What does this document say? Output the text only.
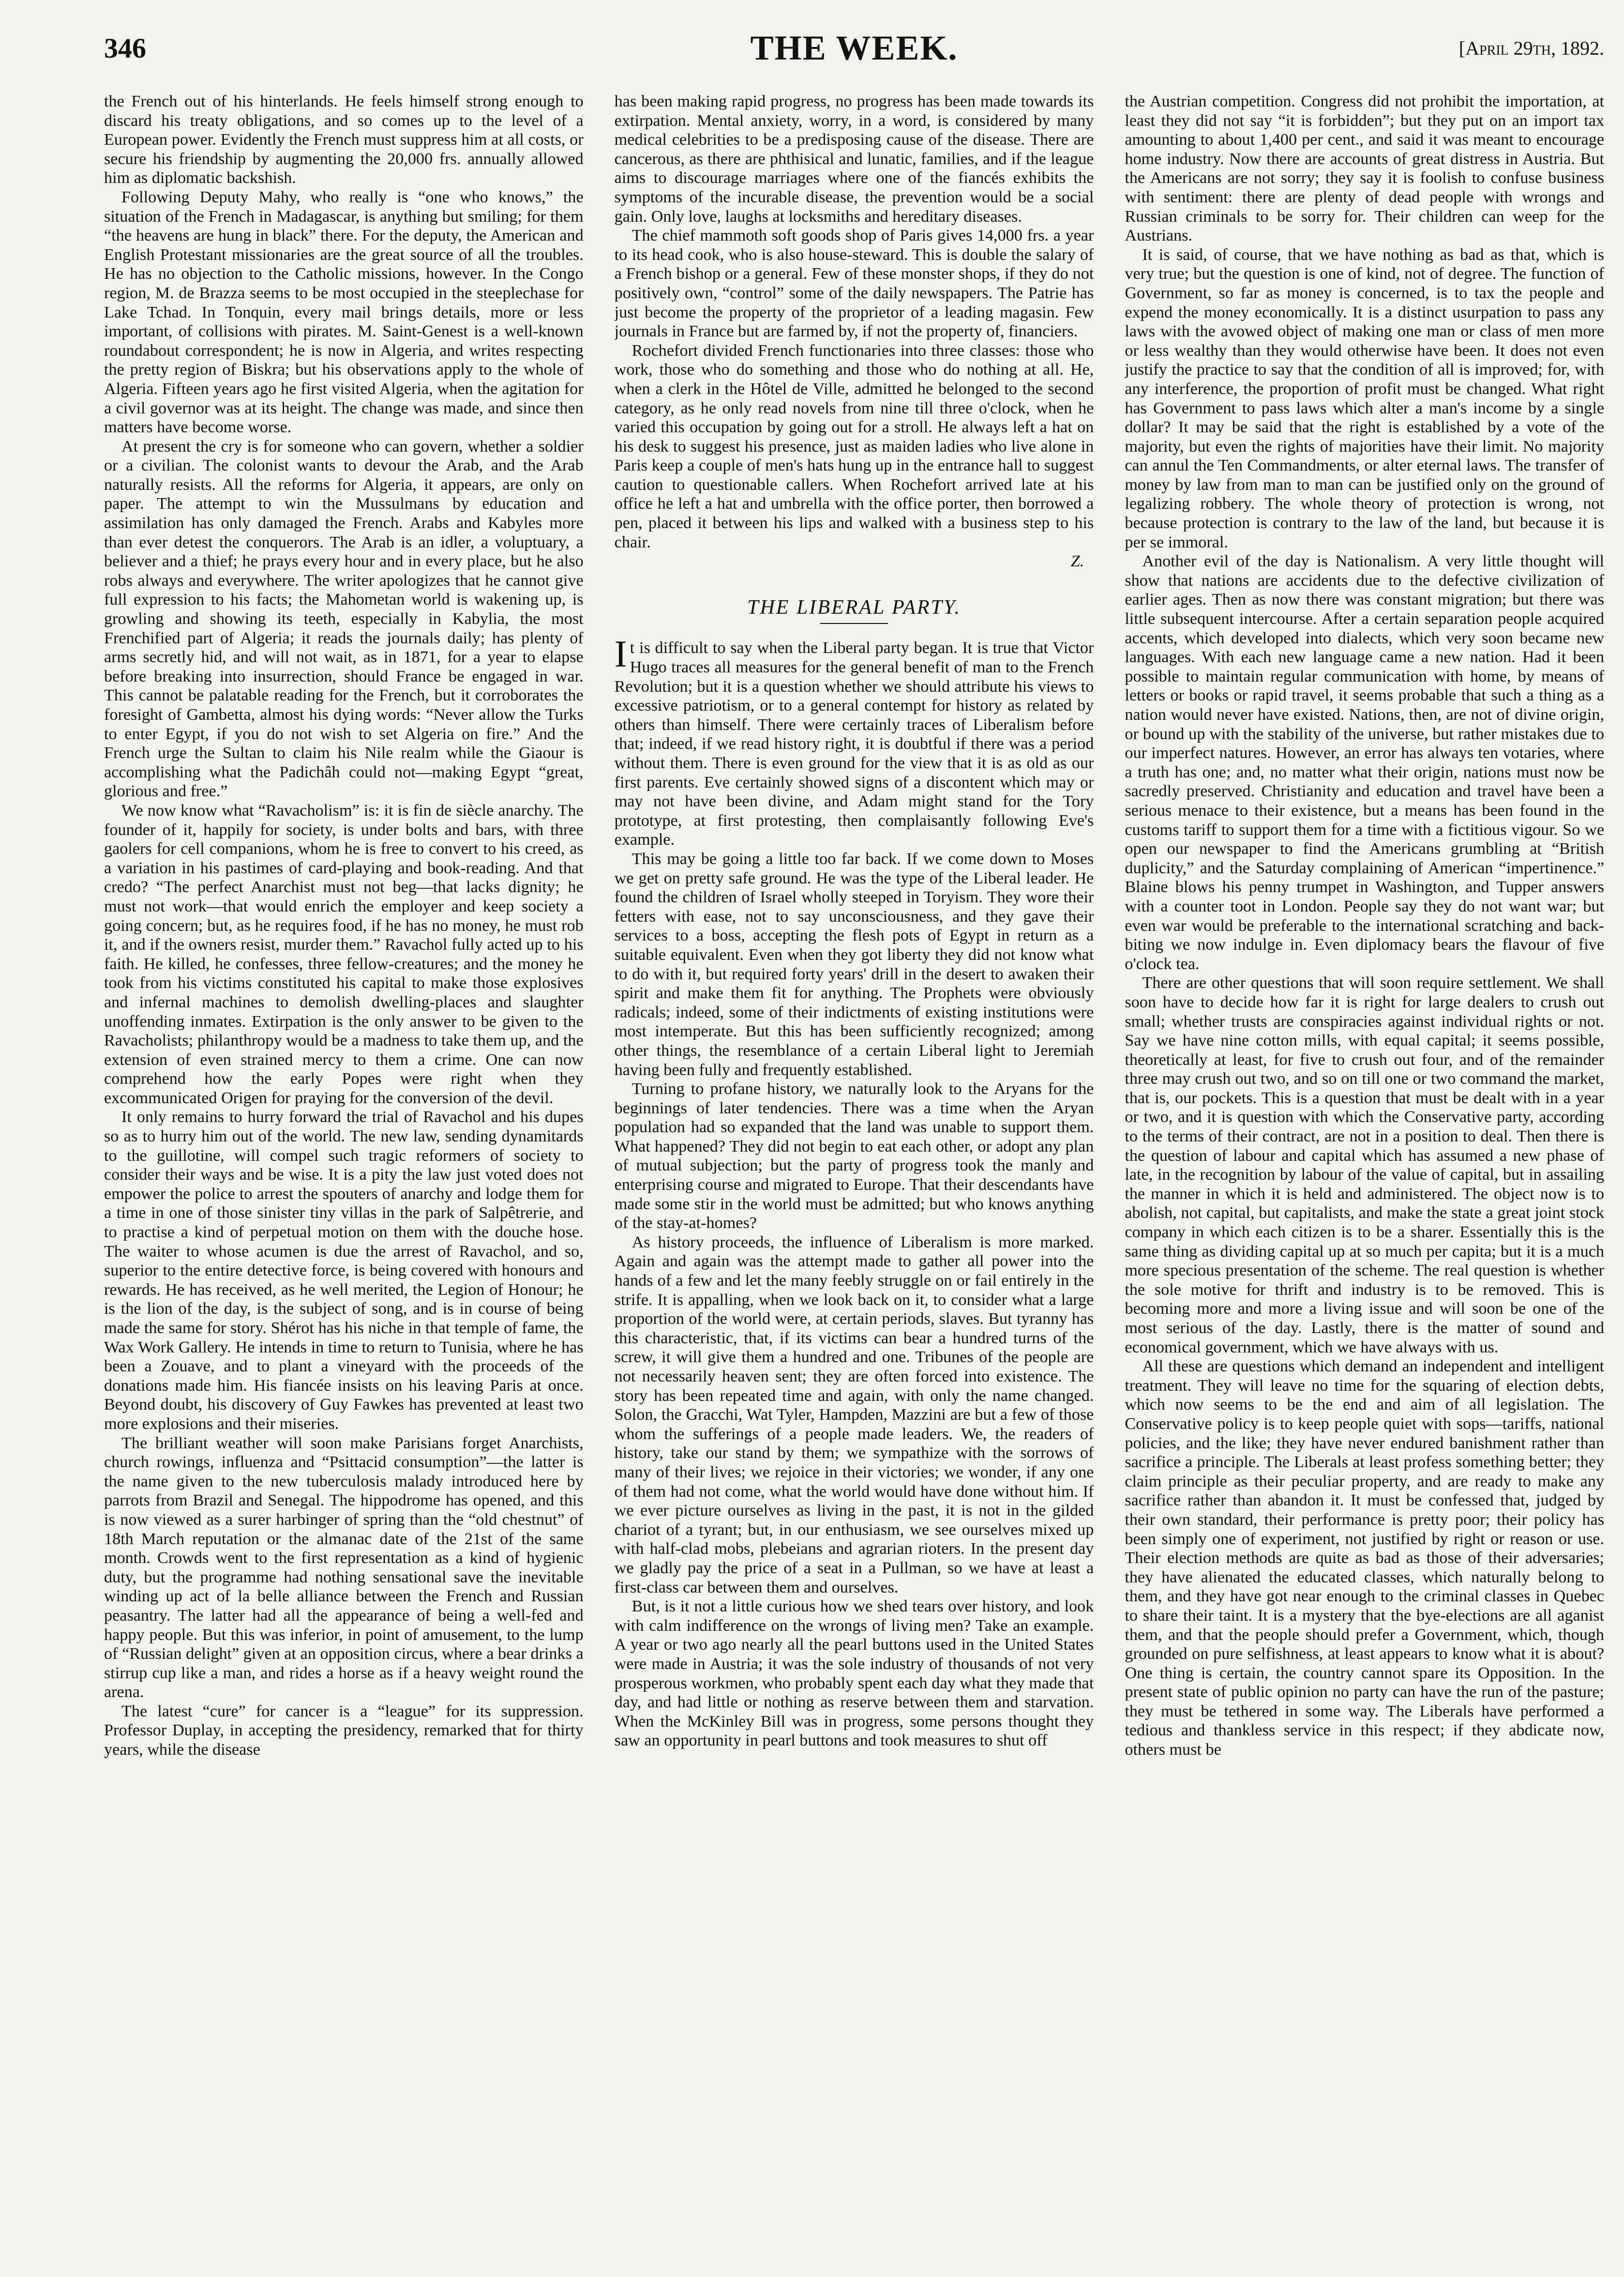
THE WEEK.
346	[April 29th, 1892.

the French out of his hinterlands. He feels himself strong enough to discard his treaty obligations, and so comes up to the level of a European power. Evidently the French must suppress him at all costs, or secure his friendship by augmenting the 20,000 frs. annually allowed him as diplomatic backshish.

Following Deputy Mahy, who really is “one who knows,” the situation of the French in Madagascar, is anything but smiling; for them “the heavens are hung in black” there. For the deputy, the American and English Protestant missionaries are the great source of all the troubles. He has no objection to the Catholic missions, however. In the Congo region, M. de Brazza seems to be most occupied in the steeplechase for Lake Tchad. In Tonquin, every mail brings details, more or less important, of collisions with pirates. M. Saint-Genest is a well-known roundabout correspondent; he is now in Algeria, and writes respecting the pretty region of Biskra; but his observations apply to the whole of Algeria. Fifteen years ago he first visited Algeria, when the agitation for a civil governor was at its height. The change was made, and since then matters have become worse.

At present the cry is for someone who can govern, whether a soldier or a civilian. The colonist wants to devour the Arab, and the Arab naturally resists. All the reforms for Algeria, it appears, are only on paper. The attempt to win the Mussulmans by education and assimilation has only damaged the French. Arabs and Kabyles more than ever detest the conquerors. The Arab is an idler, a voluptuary, a believer and a thief; he prays every hour and in every place, but he also robs always and everywhere. The writer apologizes that he cannot give full expression to his facts; the Mahometan world is wakening up, is growling and showing its teeth, especially in Kabylia, the most Frenchified part of Algeria; it reads the journals daily; has plenty of arms secretly hid, and will not wait, as in 1871, for a year to elapse before breaking into insurrection, should France be engaged in war. This cannot be palatable reading for the French, but it corroborates the foresight of Gambetta, almost his dying words: “Never allow the Turks to enter Egypt, if you do not wish to set Algeria on fire.” And the French urge the Sultan to claim his Nile realm while the Giaour is accomplishing what the Padichâh could not—making Egypt “great, glorious and free.”

We now know what “Ravacholism” is: it is fin de siècle anarchy. The founder of it, happily for society, is under bolts and bars, with three gaolers for cell companions, whom he is free to convert to his creed, as a variation in his pastimes of card-playing and book-reading. And that credo? “The perfect Anarchist must not beg—that lacks dignity; he must not work—that would enrich the employer and keep society a going concern; but, as he requires food, if he has no money, he must rob it, and if the owners resist, murder them.” Ravachol fully acted up to his faith. He killed, he confesses, three fellow-creatures; and the money he took from his victims constituted his capital to make those explosives and infernal machines to demolish dwelling-places and slaughter unoffending inmates. Extirpation is the only answer to be given to the Ravacholists; philanthropy would be a madness to take them up, and the extension of even strained mercy to them a crime. One can now comprehend how the early Popes were right when they excommunicated Origen for praying for the conversion of the devil.

It only remains to hurry forward the trial of Ravachol and his dupes so as to hurry him out of the world. The new law, sending dynamitards to the guillotine, will compel such tragic reformers of society to consider their ways and be wise. It is a pity the law just voted does not empower the police to arrest the spouters of anarchy and lodge them for a time in one of those sinister tiny villas in the park of Salpêtrerie, and to practise a kind of perpetual motion on them with the douche hose. The waiter to whose acumen is due the arrest of Ravachol, and so, superior to the entire detective force, is being covered with honours and rewards. He has received, as he well merited, the Legion of Honour; he is the lion of the day, is the subject of song, and is in course of being made the same for story. Shérot has his niche in that temple of fame, the Wax Work Gallery. He intends in time to return to Tunisia, where he has been a Zouave, and to plant a vineyard with the proceeds of the donations made him. His fiancée insists on his leaving Paris at once. Beyond doubt, his discovery of Guy Fawkes has prevented at least two more explosions and their miseries.

The brilliant weather will soon make Parisians forget Anarchists, church rowings, influenza and “Psittacid consumption”—the latter is the name given to the new tuberculosis malady introduced here by parrots from Brazil and Senegal. The hippodrome has opened, and this is now viewed as a surer harbinger of spring than the “old chestnut” of 18th March reputation or the almanac date of the 21st of the same month. Crowds went to the first representation as a kind of hygienic duty, but the programme had nothing sensational save the inevitable winding up act of la belle alliance between the French and Russian peasantry. The latter had all the appearance of being a well-fed and happy people. But this was inferior, in point of amusement, to the lump of “Russian delight” given at an opposition circus, where a bear drinks a stirrup cup like a man, and rides a horse as if a heavy weight round the arena.

The latest “cure” for cancer is a “league” for its suppression. Professor Duplay, in accepting the presidency, remarked that for thirty years, while the disease

has been making rapid progress, no progress has been made towards its extirpation. Mental anxiety, worry, in a word, is considered by many medical celebrities to be a predisposing cause of the disease. There are cancerous, as there are phthisical and lunatic, families, and if the league aims to discourage marriages where one of the fiancés exhibits the symptoms of the incurable disease, the prevention would be a social gain. Only love, laughs at locksmiths and hereditary diseases.

The chief mammoth soft goods shop of Paris gives 14,000 frs. a year to its head cook, who is also house-steward. This is double the salary of a French bishop or a general. Few of these monster shops, if they do not positively own, “control” some of the daily newspapers. The Patrie has just become the property of the proprietor of a leading magasin. Few journals in France but are farmed by, if not the property of, financiers.

Rochefort divided French functionaries into three classes: those who work, those who do something and those who do nothing at all. He, when a clerk in the Hôtel de Ville, admitted he belonged to the second category, as he only read novels from nine till three o'clock, when he varied this occupation by going out for a stroll. He always left a hat on his desk to suggest his presence, just as maiden ladies who live alone in Paris keep a couple of men's hats hung up in the entrance hall to suggest caution to questionable callers. When Rochefort arrived late at his office he left a hat and umbrella with the office porter, then borrowed a pen, placed it between his lips and walked with a business step to his chair.

Z.

THE LIBERAL PARTY.

It is difficult to say when the Liberal party began. It is true that Victor Hugo traces all measures for the general benefit of man to the French Revolution; but it is a question whether we should attribute his views to excessive patriotism, or to a general contempt for history as related by others than himself. There were certainly traces of Liberalism before that; indeed, if we read history right, it is doubtful if there was a period without them. There is even ground for the view that it is as old as our first parents. Eve certainly showed signs of a discontent which may or may not have been divine, and Adam might stand for the Tory prototype, at first protesting, then complaisantly following Eve's example.

This may be going a little too far back. If we come down to Moses we get on pretty safe ground. He was the type of the Liberal leader. He found the children of Israel wholly steeped in Toryism. They wore their fetters with ease, not to say unconsciousness, and they gave their services to a boss, accepting the flesh pots of Egypt in return as a suitable equivalent. Even when they got liberty they did not know what to do with it, but required forty years' drill in the desert to awaken their spirit and make them fit for anything. The Prophets were obviously radicals; indeed, some of their indictments of existing institutions were most intemperate. But this has been sufficiently recognized; among other things, the resemblance of a certain Liberal light to Jeremiah having been fully and frequently established.

Turning to profane history, we naturally look to the Aryans for the beginnings of later tendencies. There was a time when the Aryan population had so expanded that the land was unable to support them. What happened? They did not begin to eat each other, or adopt any plan of mutual subjection; but the party of progress took the manly and enterprising course and migrated to Europe. That their descendants have made some stir in the world must be admitted; but who knows anything of the stay-at-homes?

As history proceeds, the influence of Liberalism is more marked. Again and again was the attempt made to gather all power into the hands of a few and let the many feebly struggle on or fail entirely in the strife. It is appalling, when we look back on it, to consider what a large proportion of the world were, at certain periods, slaves. But tyranny has this characteristic, that, if its victims can bear a hundred turns of the screw, it will give them a hundred and one. Tribunes of the people are not necessarily heaven sent; they are often forced into existence. The story has been repeated time and again, with only the name changed. Solon, the Gracchi, Wat Tyler, Hampden, Mazzini are but a few of those whom the sufferings of a people made leaders. We, the readers of history, take our stand by them; we sympathize with the sorrows of many of their lives; we rejoice in their victories; we wonder, if any one of them had not come, what the world would have done without him. If we ever picture ourselves as living in the past, it is not in the gilded chariot of a tyrant; but, in our enthusiasm, we see ourselves mixed up with half-clad mobs, plebeians and agrarian rioters. In the present day we gladly pay the price of a seat in a Pullman, so we have at least a first-class car between them and ourselves.

But, is it not a little curious how we shed tears over history, and look with calm indifference on the wrongs of living men? Take an example. A year or two ago nearly all the pearl buttons used in the United States were made in Austria; it was the sole industry of thousands of not very prosperous workmen, who probably spent each day what they made that day, and had little or nothing as reserve between them and starvation. When the McKinley Bill was in progress, some persons thought they saw an opportunity in pearl buttons and took measures to shut off

the Austrian competition. Congress did not prohibit the importation, at least they did not say “it is forbidden”; but they put on an import tax amounting to about 1,400 per cent., and said it was meant to encourage home industry. Now there are accounts of great distress in Austria. But the Americans are not sorry; they say it is foolish to confuse business with sentiment: there are plenty of dead people with wrongs and Russian criminals to be sorry for. Their children can weep for the Austrians.

It is said, of course, that we have nothing as bad as that, which is very true; but the question is one of kind, not of degree. The function of Government, so far as money is concerned, is to tax the people and expend the money economically. It is a distinct usurpation to pass any laws with the avowed object of making one man or class of men more or less wealthy than they would otherwise have been. It does not even justify the practice to say that the condition of all is improved; for, with any interference, the proportion of profit must be changed. What right has Government to pass laws which alter a man's income by a single dollar? It may be said that the right is established by a vote of the majority, but even the rights of majorities have their limit. No majority can annul the Ten Commandments, or alter eternal laws. The transfer of money by law from man to man can be justified only on the ground of legalizing robbery. The whole theory of protection is wrong, not because protection is contrary to the law of the land, but because it is per se immoral.

Another evil of the day is Nationalism. A very little thought will show that nations are accidents due to the defective civilization of earlier ages. Then as now there was constant migration; but there was little subsequent intercourse. After a certain separation people acquired accents, which developed into dialects, which very soon became new languages. With each new language came a new nation. Had it been possible to maintain regular communication with home, by means of letters or books or rapid travel, it seems probable that such a thing as a nation would never have existed. Nations, then, are not of divine origin, or bound up with the stability of the universe, but rather mistakes due to our imperfect natures. However, an error has always ten votaries, where a truth has one; and, no matter what their origin, nations must now be sacredly preserved. Christianity and education and travel have been a serious menace to their existence, but a means has been found in the customs tariff to support them for a time with a fictitious vigour. So we open our newspaper to find the Americans grumbling at “British duplicity,” and the Saturday complaining of American “impertinence.” Blaine blows his penny trumpet in Washington, and Tupper answers with a counter toot in London. People say they do not want war; but even war would be preferable to the international scratching and back-biting we now indulge in. Even diplomacy bears the flavour of five o'clock tea.

There are other questions that will soon require settlement. We shall soon have to decide how far it is right for large dealers to crush out small; whether trusts are conspiracies against individual rights or not. Say we have nine cotton mills, with equal capital; it seems possible, theoretically at least, for five to crush out four, and of the remainder three may crush out two, and so on till one or two command the market, that is, our pockets. This is a question that must be dealt with in a year or two, and it is question with which the Conservative party, according to the terms of their contract, are not in a position to deal. Then there is the question of labour and capital which has assumed a new phase of late, in the recognition by labour of the value of capital, but in assailing the manner in which it is held and administered. The object now is to abolish, not capital, but capitalists, and make the state a great joint stock company in which each citizen is to be a sharer. Essentially this is the same thing as dividing capital up at so much per capita; but it is a much more specious presentation of the scheme. The real question is whether the sole motive for thrift and industry is to be removed. This is becoming more and more a living issue and will soon be one of the most serious of the day. Lastly, there is the matter of sound and economical government, which we have always with us.

All these are questions which demand an independent and intelligent treatment. They will leave no time for the squaring of election debts, which now seems to be the end and aim of all legislation. The Conservative policy is to keep people quiet with sops—tariffs, national policies, and the like; they have never endured banishment rather than sacrifice a principle. The Liberals at least profess something better; they claim principle as their peculiar property, and are ready to make any sacrifice rather than abandon it. It must be confessed that, judged by their own standard, their performance is pretty poor; their policy has been simply one of experiment, not justified by right or reason or use. Their election methods are quite as bad as those of their adversaries; they have alienated the educated classes, which naturally belong to them, and they have got near enough to the criminal classes in Quebec to share their taint. It is a mystery that the bye-elections are all aganist them, and that the people should prefer a Government, which, though grounded on pure selfishness, at least appears to know what it is about? One thing is certain, the country cannot spare its Opposition. In the present state of public opinion no party can have the run of the pasture; they must be tethered in some way. The Liberals have performed a tedious and thankless service in this respect; if they abdicate now, others must be
